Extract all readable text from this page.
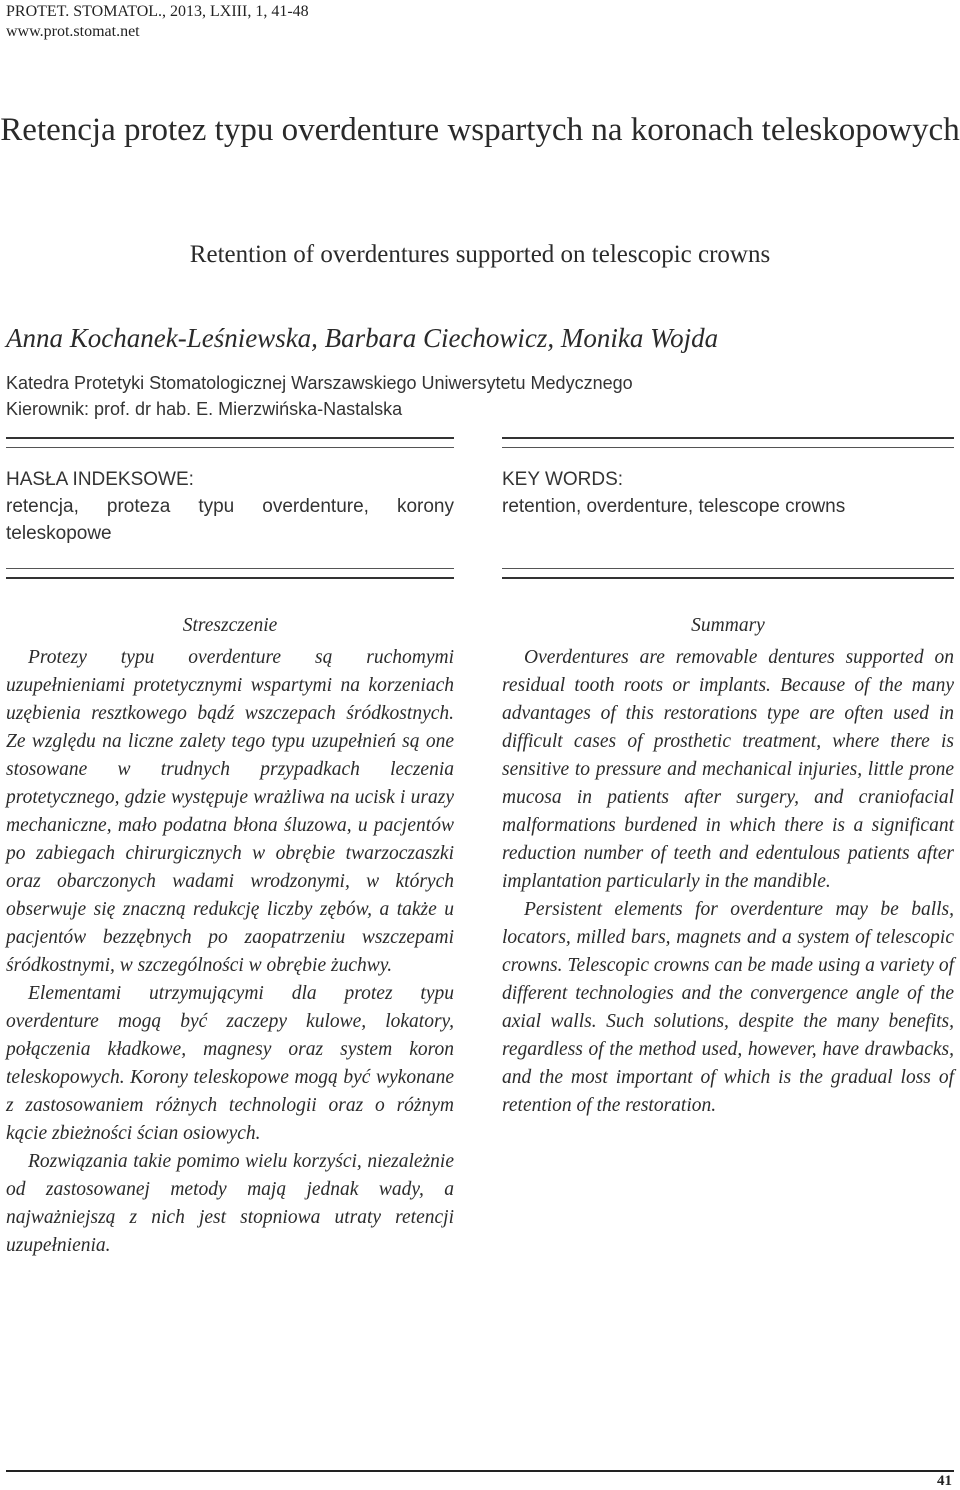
PROTET. STOMATOL., 2013, LXIII, 1, 41-48
www.prot.stomat.net
Retencja protez typu overdenture wspartych na koronach teleskopowych
Retention of overdentures supported on telescopic crowns
Anna Kochanek-Leśniewska, Barbara Ciechowicz, Monika Wojda
Katedra Protetyki Stomatologicznej Warszawskiego Uniwersytetu Medycznego
Kierownik: prof. dr hab. E. Mierzwińska-Nastalska
HASŁA INDEKSOWE:
retencja, proteza typu overdenture, korony teleskopowe
KEY WORDS:
retention, overdenture, telescope crowns

Streszczenie

Protezy typu overdenture są ruchomymi uzupełnieniami protetycznymi wspartymi na korzeniach uzębienia resztkowego bądź wszczepach śródkostnych. Ze względu na liczne zalety tego typu uzupełnień są one stosowane w trudnych przypadkach leczenia protetycznego, gdzie występuje wrażliwa na ucisk i urazy mechaniczne, mało podatna błona śluzowa, u pacjentów po zabiegach chirurgicznych w obrębie twarzoczaszki oraz obarczonych wadami wrodzonymi, w których obserwuje się znaczną redukcję liczby zębów, a także u pacjentów bezzębnych po zaopatrzeniu wszczepami śródkostnymi, w szczególności w obrębie żuchwy.

Elementami utrzymującymi dla protez typu overdenture mogą być zaczepy kulowe, lokatory, połączenia kładkowe, magnesy oraz system koron teleskopowych. Korony teleskopowe mogą być wykonane z zastosowaniem różnych technologii oraz o różnym kącie zbieżności ścian osiowych.

Rozwiązania takie pomimo wielu korzyści, niezależnie od zastosowanej metody mają jednak wady, a najważniejszą z nich jest stopniowa utraty retencji uzupełnienia.

Summary

Overdentures are removable dentures supported on residual tooth roots or implants. Because of the many advantages of this restorations type are often used in difficult cases of prosthetic treatment, where there is sensitive to pressure and mechanical injuries, little prone mucosa in patients after surgery, and craniofacial malformations burdened in which there is a significant reduction number of teeth and edentulous patients after implantation particularly in the mandible.

Persistent elements for overdenture may be balls, locators, milled bars, magnets and a system of telescopic crowns. Telescopic crowns can be made using a variety of different technologies and the convergence angle of the axial walls. Such solutions, despite the many benefits, regardless of the method used, however, have drawbacks, and the most important of which is the gradual loss of retention of the restoration.

41
